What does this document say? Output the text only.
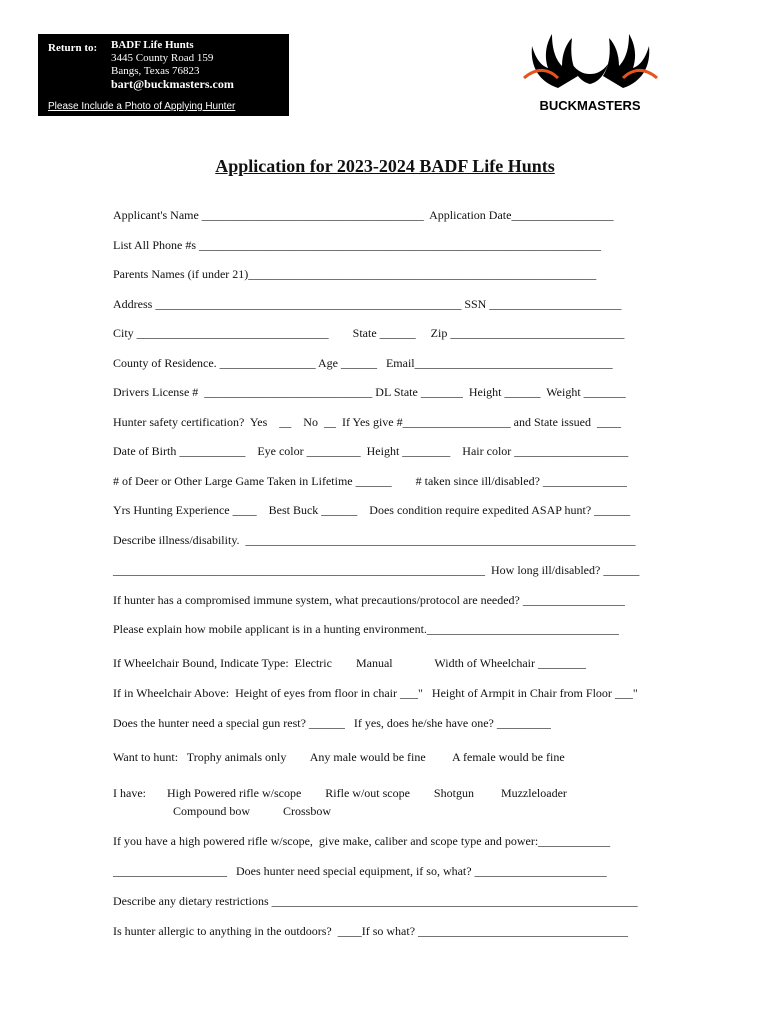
Return to: BADF Life Hunts
3445 County Road 159
Bangs, Texas 76823
bart@buckmasters.com
Please Include a Photo of Applying Hunter	BUCKMASTERS
Application for 2023-2024 BADF Life Hunts
Applicant's Name _____________________________________  Application Date_________________
List All Phone #s ___________________________________________________________________
Parents Names (if under 21)__________________________________________________________
Address ___________________________________________________ SSN ______________________
City ________________________________        State ______     Zip _____________________________
County of Residence. ________________ Age ______   Email_________________________________
Drivers License #  ____________________________ DL State _______  Height ______  Weight _______
Hunter safety certification?  Yes    __    No  __  If Yes give #__________________ and State issued  ____
Date of Birth ___________    Eye color _________  Height ________    Hair color ___________________
# of Deer or Other Large Game Taken in Lifetime ______        # taken since ill/disabled? ______________
Yrs Hunting Experience ____    Best Buck ______    Does condition require expedited ASAP hunt? ______
Describe illness/disability.  _________________________________________________________________
______________________________________________________________  How long ill/disabled? ______
If hunter has a compromised immune system, what precautions/protocol are needed? _________________
Please explain how mobile applicant is in a hunting environment.________________________________
If Wheelchair Bound, Indicate Type:  Electric        Manual              Width of Wheelchair ________
If in Wheelchair Above:  Height of eyes from floor in chair ___"   Height of Armpit in Chair from Floor ___"
Does the hunter need a special gun rest? ______   If yes, does he/she have one? _________
Want to hunt:   Trophy animals only        Any male would be fine         A female would be fine
I have:       High Powered rifle w/scope        Rifle w/out scope        Shotgun         Muzzleloader
Compound bow           Crossbow
If you have a high powered rifle w/scope,  give make, caliber and scope type and power:____________
___________________   Does hunter need special equipment, if so, what? ______________________
Describe any dietary restrictions _____________________________________________________________
Is hunter allergic to anything in the outdoors?  ____If so what? ___________________________________
